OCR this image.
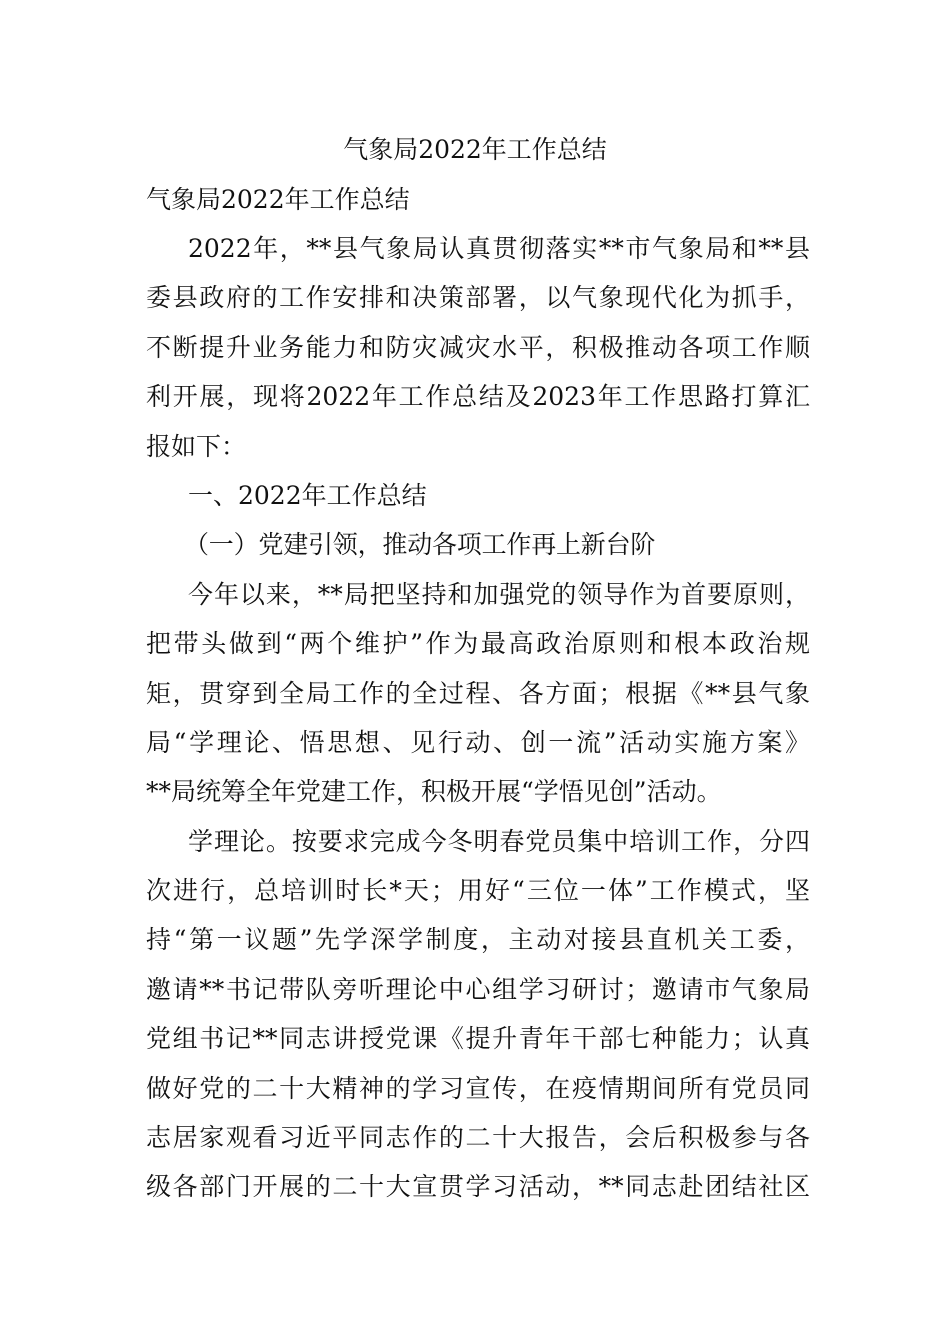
气象局2022年工作总结
气象局2022年工作总结
2022年，**县气象局认真贯彻落实**市气象局和**县
委县政府的工作安排和决策部署，以气象现代化为抓手，
不断提升业务能力和防灾减灾水平，积极推动各项工作顺
利开展，现将2022年工作总结及2023年工作思路打算汇
报如下：
一、2022年工作总结
（一）党建引领，推动各项工作再上新台阶
今年以来，**局把坚持和加强党的领导作为首要原则，
把带头做到“两个维护”作为最高政治原则和根本政治规
矩，贯穿到全局工作的全过程、各方面；根据《**县气象
局“学理论、悟思想、见行动、创一流”活动实施方案》
**局统筹全年党建工作，积极开展“学悟见创”活动。
学理论。按要求完成今冬明春党员集中培训工作，分四
次进行，总培训时长*天；用好“三位一体”工作模式，坚
持“第一议题”先学深学制度，主动对接县直机关工委，
邀请**书记带队旁听理论中心组学习研讨；邀请市气象局
党组书记**同志讲授党课《提升青年干部七种能力；认真
做好党的二十大精神的学习宣传，在疫情期间所有党员同
志居家观看习近平同志作的二十大报告，会后积极参与各
级各部门开展的二十大宣贯学习活动，**同志赴团结社区
